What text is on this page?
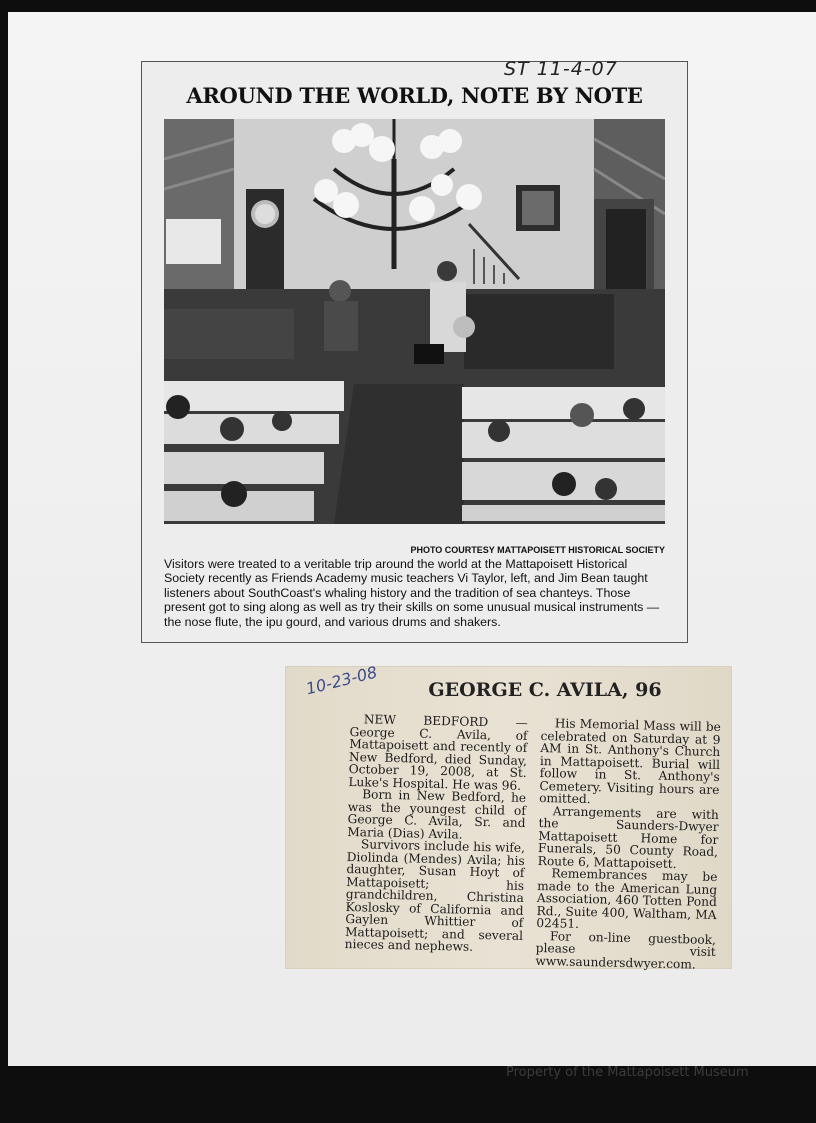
ST 11-4-07
AROUND THE WORLD, NOTE BY NOTE
PHOTO COURTESY MATTAPOISETT HISTORICAL SOCIETY
Visitors were treated to a veritable trip around the world at the Mattapoisett Historical Society recently as Friends Academy music teachers Vi Taylor, left, and Jim Bean taught listeners about SouthCoast's whaling history and the tradition of sea chanteys. Those present got to sing along as well as try their skills on some unusual musical instruments — the nose flute, the ipu gourd, and various drums and shakers.
10-23-08	GEORGE C. AVILA, 96

NEW BEDFORD — George C. Avila, of Mattapoisett and recently of New Bedford, died Sunday, October 19, 2008, at St. Luke's Hospital. He was 96.

Born in New Bedford, he was the youngest child of George C. Avila, Sr. and Maria (Dias) Avila.

Survivors include his wife, Diolinda (Mendes) Avila; his daughter, Susan Hoyt of Mattapoisett; his grandchildren, Christina Koslosky of California and Gaylen Whittier of Mattapoisett; and several nieces and nephews.

His Memorial Mass will be celebrated on Saturday at 9 AM in St. Anthony's Church in Mattapoisett. Burial will follow in St. Anthony's Cemetery. Visiting hours are omitted.

Arrangements are with the Saunders-Dwyer Mattapoisett Home for Funerals, 50 County Road, Route 6, Mattapoisett.

Remembrances may be made to the American Lung Association, 460 Totten Pond Rd., Suite 400, Waltham, MA 02451.

For on-line guestbook, please visit www.saundersdwyer.com.

Property of the Mattapoisett Museum
